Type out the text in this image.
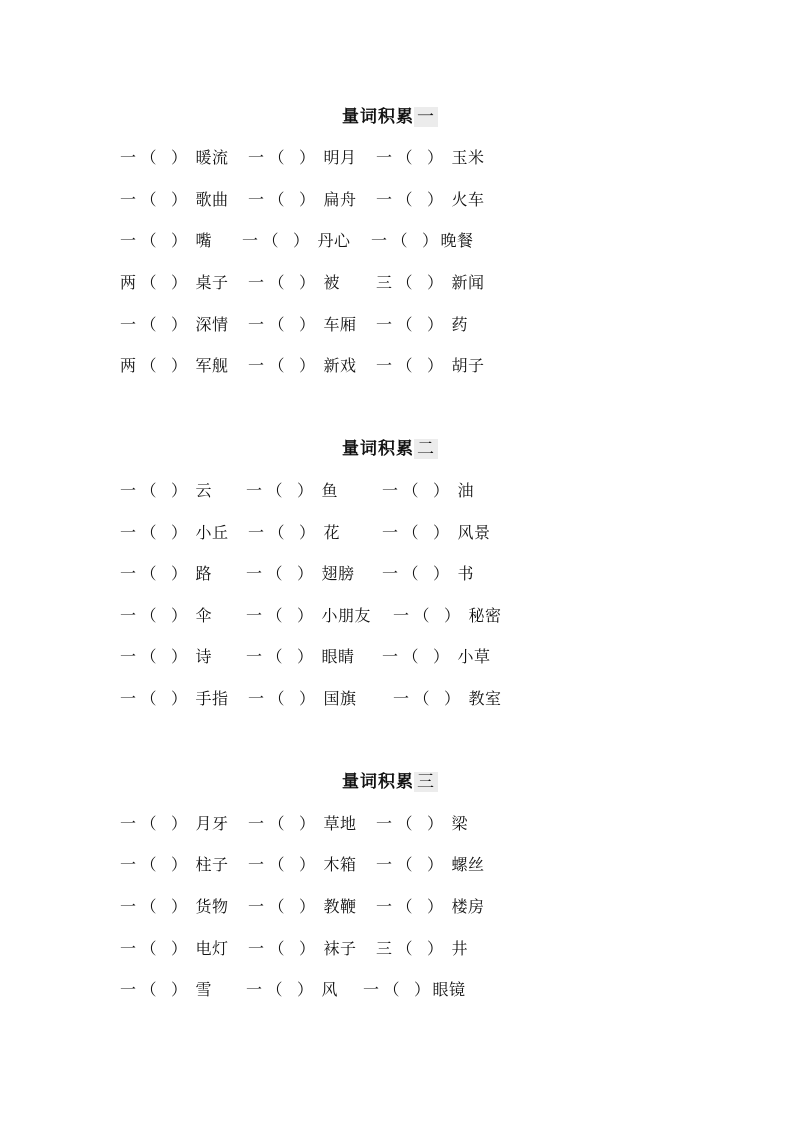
量词积累 一
一 （ ） 暖流 一 （ ） 明月 一 （ ） 玉米
一 （ ） 歌曲 一 （ ） 扁舟 一 （ ） 火车
一 （ ） 嘴 一 （ ） 丹心 一 （ ） 晚餐
两 （ ） 桌子 一 （ ） 被 三 （ ） 新闻
一 （ ） 深情 一 （ ） 车厢 一 （ ） 药
两 （ ） 军舰 一 （ ） 新戏 一 （ ） 胡子
量词积累 二
一 （ ） 云 一 （ ） 鱼	一 （ ） 油
一 （ ） 小丘 一 （ ） 花	一 （ ） 风景
一 （ ） 路 一 （ ） 翅膀 一 （ ） 书
一 （ ） 伞 一 （ ） 小朋友 一 （ ） 秘密
一 （ ） 诗 一 （ ） 眼睛 一 （ ） 小草
一 （ ） 手指 一 （ ） 国旗 一 （ ） 教室
量词积累 三
一 （ ） 月牙 一 （ ） 草地 一 （ ） 梁
一 （ ） 柱子 一 （ ） 木箱 一 （ ） 螺丝
一 （ ） 货物 一 （ ） 教鞭 一 （ ） 楼房
一 （ ） 电灯 一 （ ） 袜子 三 （ ） 井
一 （ ） 雪 一 （ ） 风 一 （ ） 眼镜
